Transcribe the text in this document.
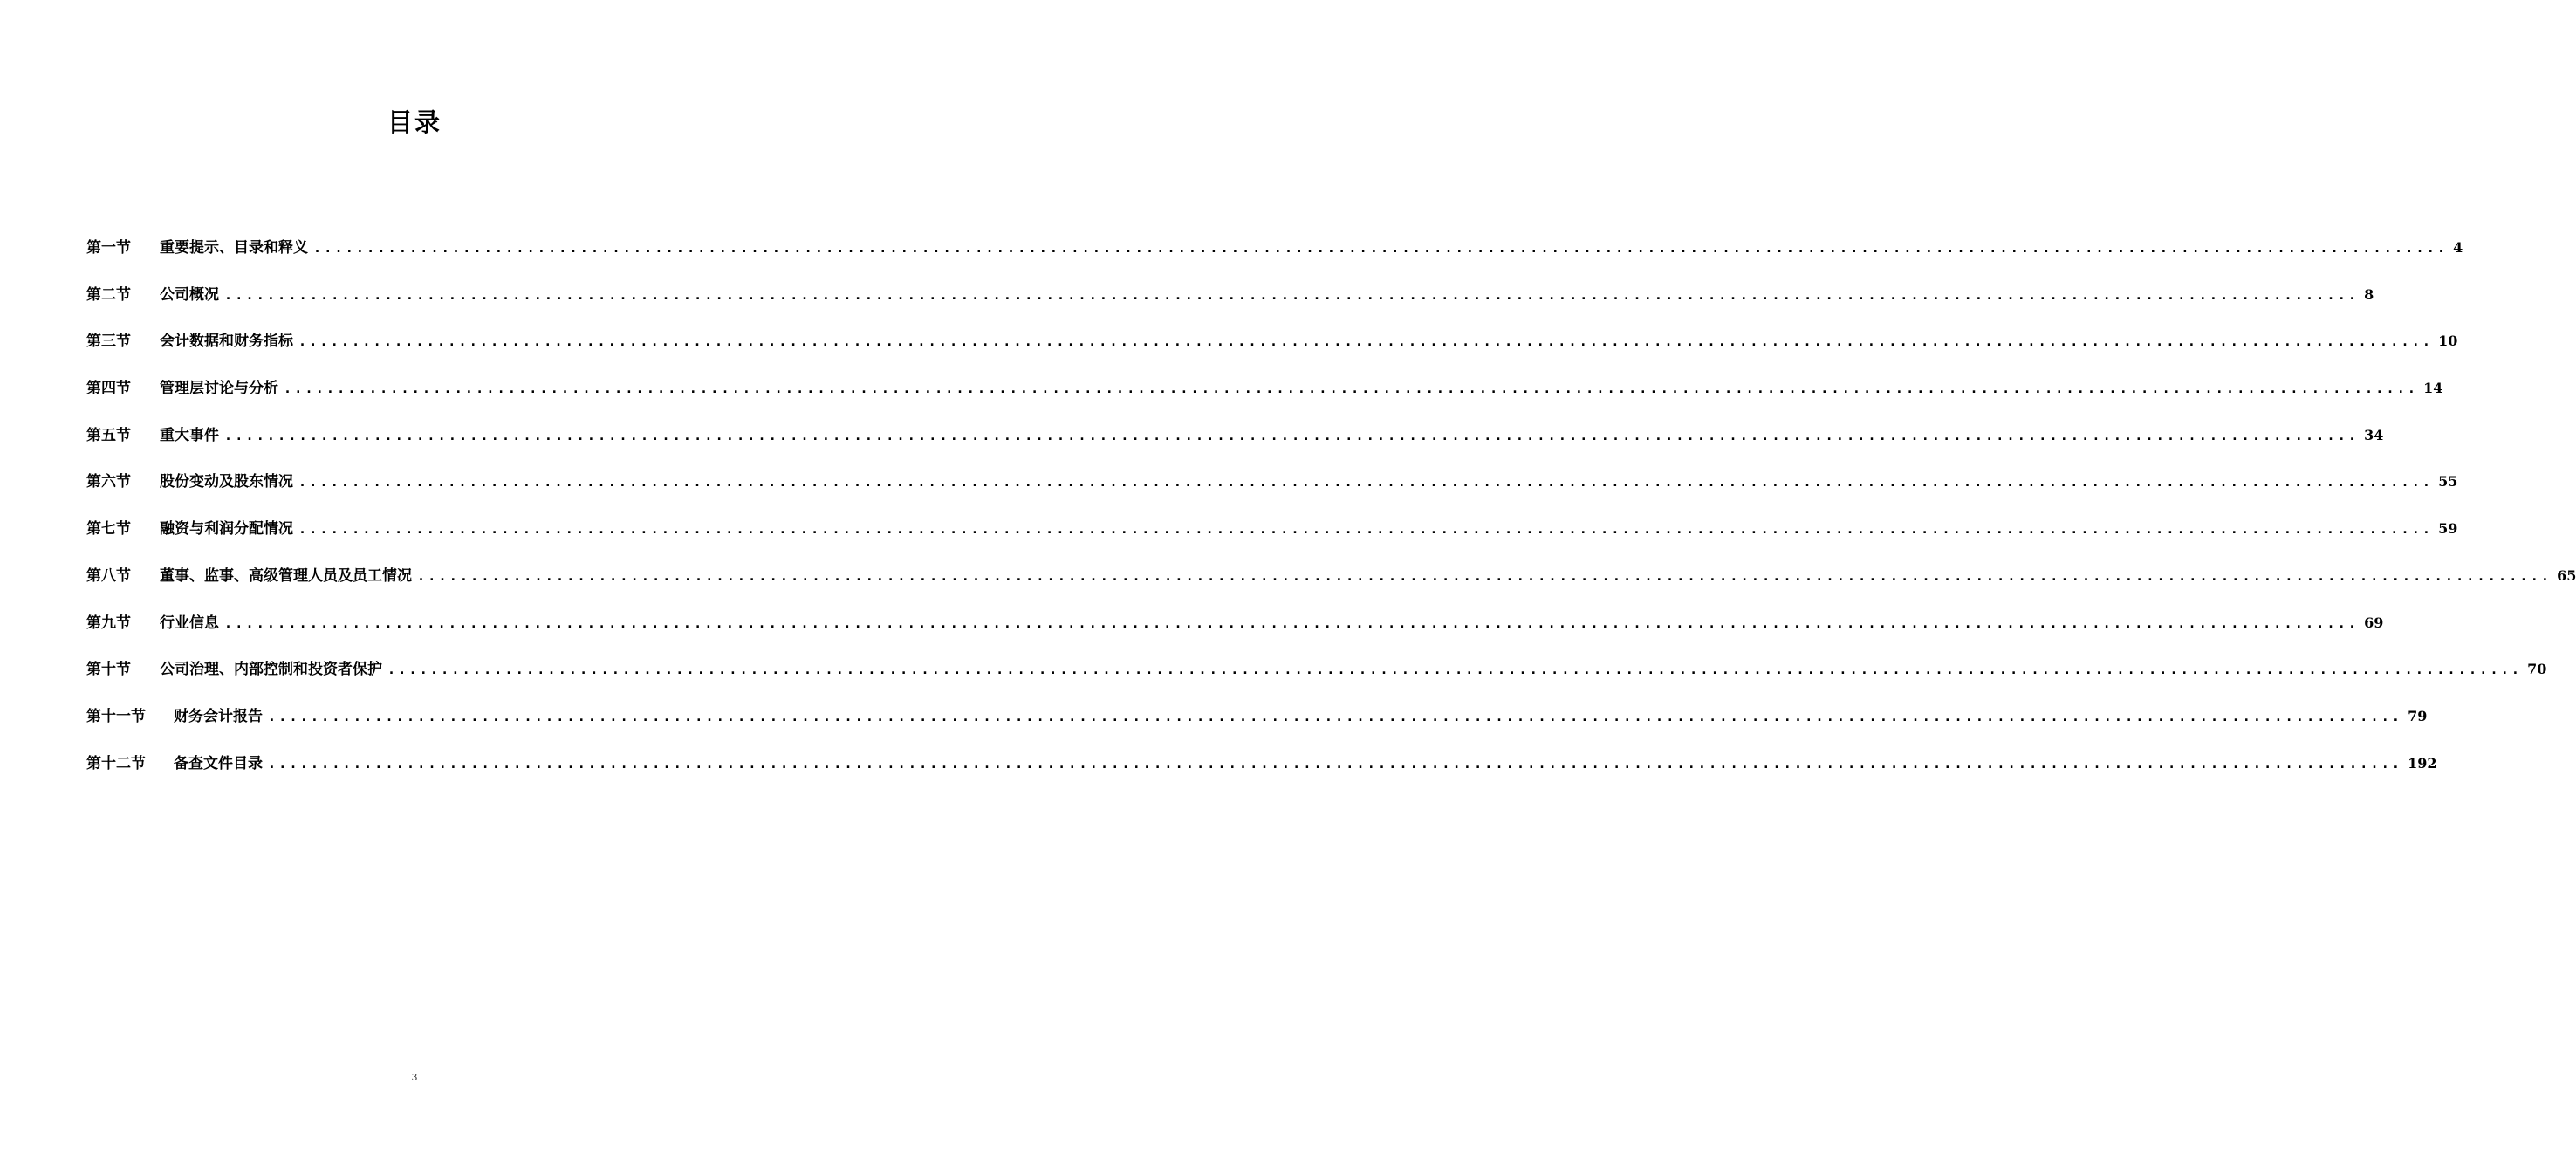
目录
第一节	重要提示、目录和释义 ........................................................................................................................................................................................................ 4
第二节	公司概况 ........................................................................................................................................................................................................ 8
第三节	会计数据和财务指标 ........................................................................................................................................................................................................ 10
第四节	管理层讨论与分析 ........................................................................................................................................................................................................ 14
第五节	重大事件 ........................................................................................................................................................................................................ 34
第六节	股份变动及股东情况 ........................................................................................................................................................................................................ 55
第七节	融资与利润分配情况 ........................................................................................................................................................................................................ 59
第八节	董事、监事、高级管理人员及员工情况 ........................................................................................................................................................................................................ 65
第九节	行业信息 ........................................................................................................................................................................................................ 69
第十节	公司治理、内部控制和投资者保护 ........................................................................................................................................................................................................ 70
第十一节	财务会计报告 ........................................................................................................................................................................................................ 79
第十二节	备查文件目录 ........................................................................................................................................................................................................ 192
3
